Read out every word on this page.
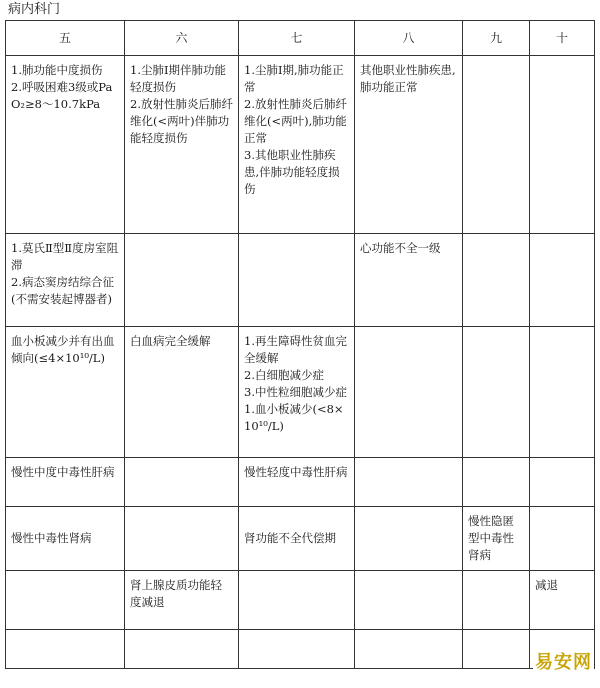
病内科门
五	六	七	八	九	十

1.肺功能中度损伤
2.呼吸困难3级或PaO₂≥8～10.7kPa	1.尘肺Ⅰ期伴肺功能轻度损伤
2.放射性肺炎后肺纤维化(<两叶)伴肺功能轻度损伤	1.尘肺Ⅰ期,肺功能正常
2.放射性肺炎后肺纤维化(<两叶),肺功能正常
3.其他职业性肺疾患,伴肺功能轻度损伤	其他职业性肺疾患,肺功能正常		

1.莫氏Ⅱ型Ⅱ度房室阻滞
2.病态窦房结综合征(不需安装起博器者)			心功能不全一级		

血小板减少并有出血倾向(≤4×10¹⁰/L)	白血病完全缓解	1.再生障碍性贫血完全缓解
2.白细胞减少症
3.中性粒细胞减少症
1.血小板减少(<8×10¹⁰/L)			

慢性中度中毒性肝病		慢性轻度中毒性肝病			

慢性中毒性肾病		肾功能不全代偿期		慢性隐匿型中毒性肾病	

	肾上腺皮质功能轻度减退				减退

易安网
